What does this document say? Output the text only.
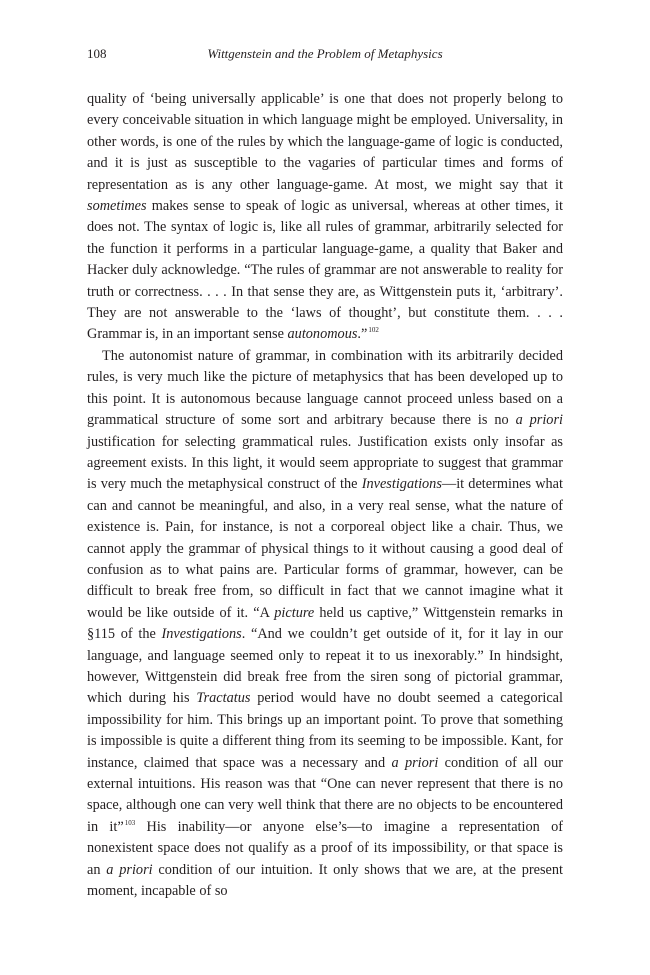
108	Wittgenstein and the Problem of Metaphysics

quality of ‘being universally applicable’ is one that does not properly belong to every conceivable situation in which language might be employed. Universality, in other words, is one of the rules by which the language-game of logic is conducted, and it is just as susceptible to the vagaries of particular times and forms of representation as is any other language-game. At most, we might say that it sometimes makes sense to speak of logic as universal, whereas at other times, it does not. The syntax of logic is, like all rules of grammar, arbitrarily selected for the function it performs in a particular language-game, a quality that Baker and Hacker duly acknowledge. “The rules of grammar are not answerable to reality for truth or correctness. . . . In that sense they are, as Wittgenstein puts it, ‘arbitrary’. They are not answerable to the ‘laws of thought’, but constitute them. . . . Grammar is, in an important sense autonomous.”$^{102}$

The autonomist nature of grammar, in combination with its arbitrarily decided rules, is very much like the picture of metaphysics that has been developed up to this point. It is autonomous because language cannot proceed unless based on a grammatical structure of some sort and arbitrary because there is no a priori justification for selecting grammatical rules. Justification exists only insofar as agreement exists. In this light, it would seem appropriate to suggest that grammar is very much the metaphysical construct of the Investigations—it determines what can and cannot be meaningful, and also, in a very real sense, what the nature of existence is. Pain, for instance, is not a corporeal object like a chair. Thus, we cannot apply the grammar of physical things to it without causing a good deal of confusion as to what pains are. Particular forms of grammar, however, can be difficult to break free from, so difficult in fact that we cannot imagine what it would be like outside of it. “A picture held us captive,” Wittgenstein remarks in §115 of the Investigations. “And we couldn’t get outside of it, for it lay in our language, and language seemed only to repeat it to us inexorably.” In hindsight, however, Wittgenstein did break free from the siren song of pictorial grammar, which during his Tractatus period would have no doubt seemed a categorical impossibility for him. This brings up an important point. To prove that something is impossible is quite a different thing from its seeming to be impossible. Kant, for instance, claimed that space was a necessary and a priori condition of all our external intuitions. His reason was that “One can never represent that there is no space, although one can very well think that there are no objects to be encountered in it”$^{103}$ His inability—or anyone else’s—to imagine a representation of nonexistent space does not qualify as a proof of its impossibility, or that space is an a priori condition of our intuition. It only shows that we are, at the present moment, incapable of so
